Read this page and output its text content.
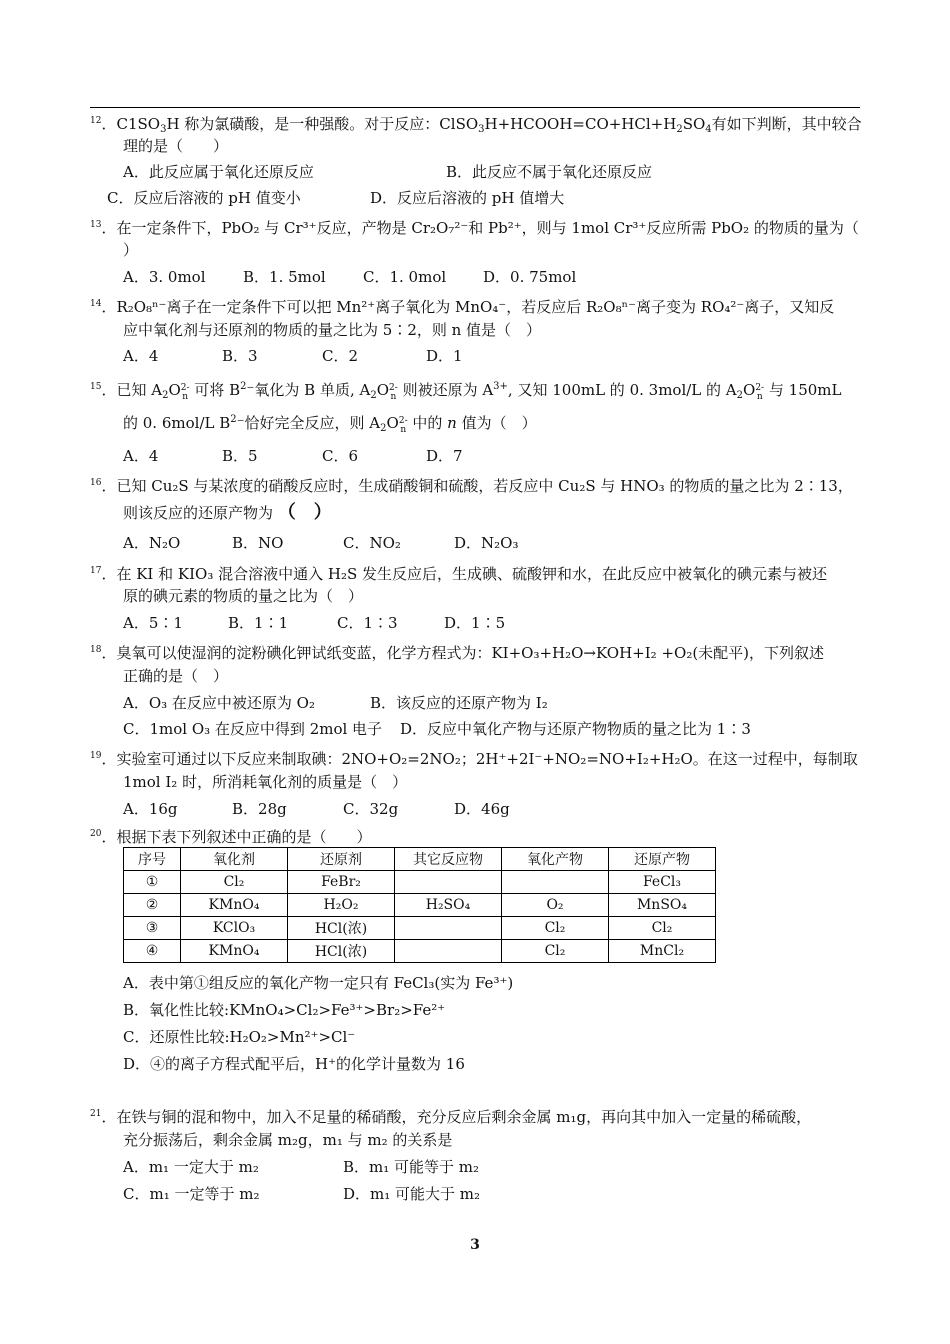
$^{12}$．$C1SO_3H$ 称为氯磺酸，是一种强酸。对于反应：$ClSO_3H+HCOOH=CO+HCl+H_2SO_4$有如下判断，其中较合
理的是（　　）
A．此反应属于氧化还原反应	B．此反应不属于氧化还原反应
C．反应后溶液的 pH 值变小	D．反应后溶液的 pH 值增大
$^{13}$．在一定条件下，PbO₂ 与 Cr³⁺反应，产物是 Cr₂O₇²⁻和 Pb²⁺，则与 1mol Cr³⁺反应所需 PbO₂ 的物质的量为（
）
A．3. 0mol B．1. 5mol C．1. 0mol D．0. 75mol
$^{14}$．R₂O₈ⁿ⁻离子在一定条件下可以把 Mn²⁺离子氧化为 MnO₄⁻，若反应后 R₂O₈ⁿ⁻离子变为 RO₄²⁻离子，又知反
应中氧化剂与还原剂的物质的量之比为 5∶2，则 n 值是（　）
A．4	B．3	C．2	D．1
$^{15}$．已知 $A_2O$ 2-
n 可将 $B^2^-$氧化为 B 单质, $A_2O$ 2-
n 则被还原为 $A^{3+}$, 又知 100mL 的 0. 3mol/L 的 $A_2O$ 2-
n 与 150mL
的 0. 6mol/L $B^2^-$恰好完全反应，则 $A_2O$ 2-
n 中的 n 值为（　）
A．4	B．5	C．6	D．7
$^{16}$．已知 Cu₂S 与某浓度的硝酸反应时，生成硝酸铜和硫酸，若反应中 Cu₂S 与 HNO₃ 的物质的量之比为 2∶13，
则该反应的还原产物为 （　）
A．N₂O	B．NO	C．NO₂	D．N₂O₃
$^{17}$．在 KI 和 KIO₃ 混合溶液中通入 H₂S 发生反应后，生成碘、硫酸钾和水，在此反应中被氧化的碘元素与被还
原的碘元素的物质的量之比为（　）
A．5∶1	B．1∶1	C．1∶3	D．1∶5
$^{18}$．臭氧可以使湿润的淀粉碘化钾试纸变蓝，化学方程式为：KI+O₃+H₂O→KOH+I₂ +O₂(未配平)，下列叙述
正确的是（　）
A．O₃ 在反应中被还原为 O₂	B．该反应的还原产物为 I₂
C．1mol O₃ 在反应中得到 2mol 电子 D．反应中氧化产物与还原产物物质的量之比为 1∶3
$^{19}$．实验室可通过以下反应来制取碘：2NO+O₂=2NO₂；2H⁺+2I⁻+NO₂=NO+I₂+H₂O。在这一过程中，每制取
1mol I₂ 时，所消耗氧化剂的质量是（　）
A．16g	B．28g	C．32g	D．46g
$^{20}$．根据下表下列叙述中正确的是（　　）
序号	氧化剂	还原剂	其它反应物	氧化产物	还原产物
①	Cl₂	FeBr₂			FeCl₃
②	KMnO₄	H₂O₂	H₂SO₄	O₂	MnSO₄
③	KClO₃	HCl(浓)		Cl₂	Cl₂
④	KMnO₄	HCl(浓)		Cl₂	MnCl₂
A．表中第①组反应的氧化产物一定只有 FeCl₃(实为 Fe³⁺)
B．氧化性比较:KMnO₄>Cl₂>Fe³⁺>Br₂>Fe²⁺
C．还原性比较:H₂O₂>Mn²⁺>Cl⁻
D．④的离子方程式配平后，H⁺的化学计量数为 16
$^{21}$．在铁与铜的混和物中，加入不足量的稀硝酸，充分反应后剩余金属 m₁g，再向其中加入一定量的稀硫酸，
充分振荡后，剩余金属 m₂g，m₁ 与 m₂ 的关系是
A．m₁ 一定大于 m₂	B．m₁ 可能等于 m₂
C．m₁ 一定等于 m₂	D．m₁ 可能大于 m₂
3
